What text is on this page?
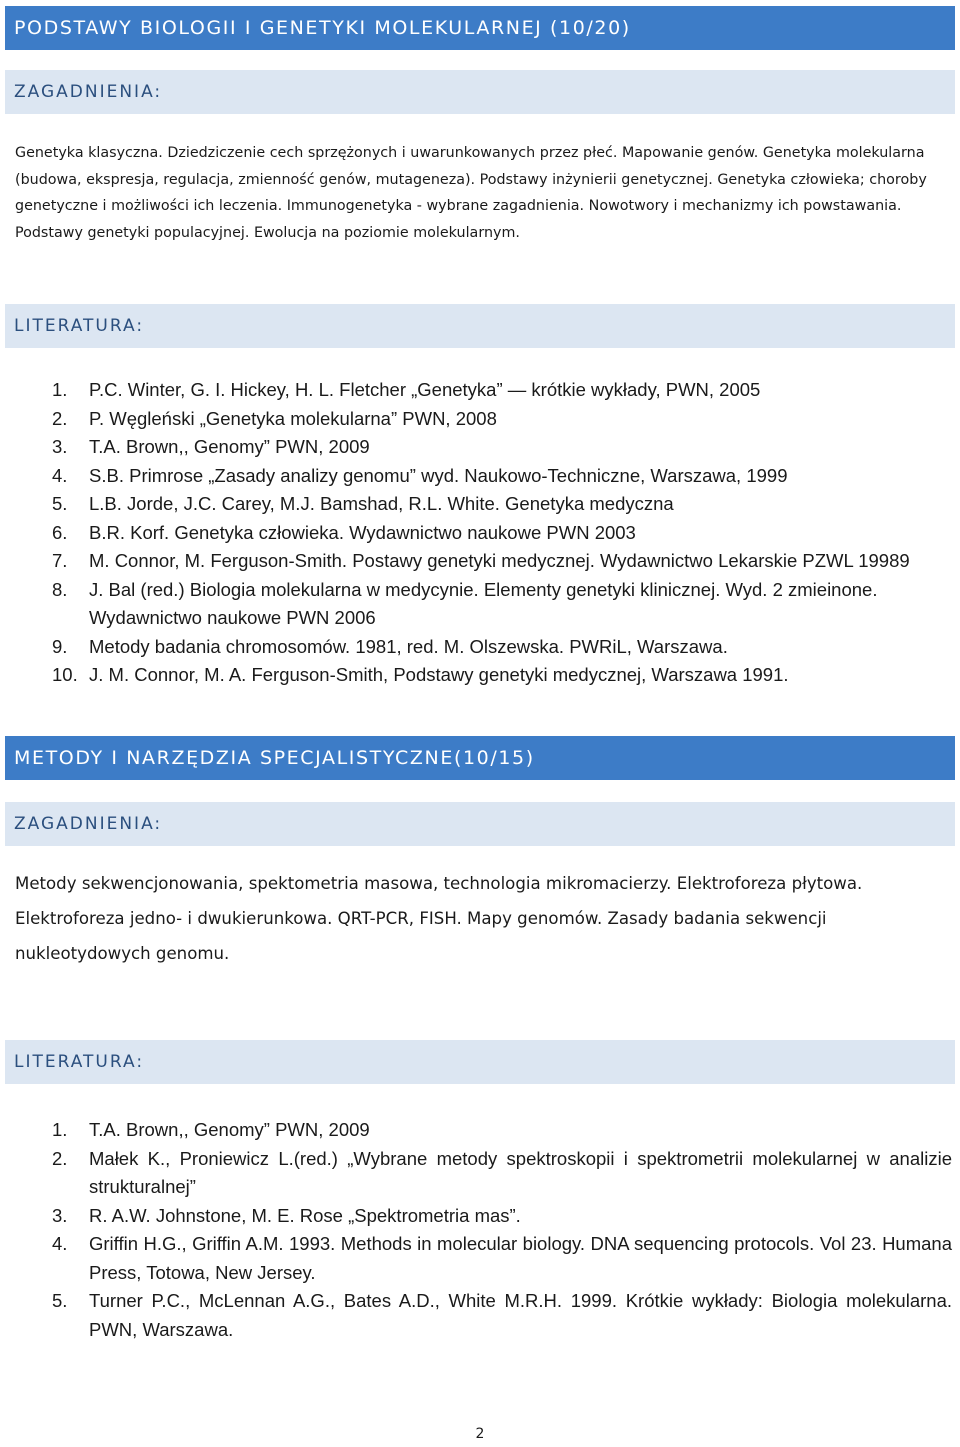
PODSTAWY BIOLOGII I GENETYKI MOLEKULARNEJ (10/20)
ZAGADNIENIA:
Genetyka klasyczna. Dziedziczenie cech sprzężonych i uwarunkowanych przez płeć. Mapowanie genów. Genetyka molekularna (budowa, ekspresja, regulacja, zmienność genów, mutageneza). Podstawy inżynierii genetycznej. Genetyka człowieka; choroby genetyczne i możliwości ich leczenia. Immunogenetyka - wybrane zagadnienia. Nowotwory i mechanizmy ich powstawania. Podstawy genetyki populacyjnej. Ewolucja na poziomie molekularnym.
LITERATURA:
1. P.C. Winter, G. I. Hickey, H. L. Fletcher „Genetyka” — krótkie wykłady, PWN, 2005
2. P. Węgleński „Genetyka molekularna” PWN, 2008
3. T.A. Brown,, Genomy” PWN, 2009
4. S.B. Primrose „Zasady analizy genomu” wyd. Naukowo-Techniczne, Warszawa, 1999
5. L.B. Jorde, J.C. Carey, M.J. Bamshad, R.L. White. Genetyka medyczna
6. B.R. Korf. Genetyka człowieka. Wydawnictwo naukowe PWN 2003
7. M. Connor, M. Ferguson-Smith. Postawy genetyki medycznej. Wydawnictwo Lekarskie PZWL 19989
8. J. Bal (red.) Biologia molekularna w medycynie. Elementy genetyki klinicznej. Wyd. 2 zmieinone. Wydawnictwo naukowe PWN 2006
9. Metody badania chromosomów. 1981, red. M. Olszewska. PWRiL, Warszawa.
10. J. M. Connor, M. A. Ferguson-Smith, Podstawy genetyki medycznej, Warszawa 1991.
METODY I NARZĘDZIA SPECJALISTYCZNE(10/15)
ZAGADNIENIA:
Metody sekwencjonowania, spektometria masowa, technologia mikromacierzy. Elektroforeza płytowa. Elektroforeza jedno- i dwukierunkowa. QRT-PCR, FISH. Mapy genomów. Zasady badania sekwencji nukleotydowych genomu.
LITERATURA:
1. T.A. Brown,, Genomy” PWN, 2009
2. Małek K., Proniewicz L.(red.) „Wybrane metody spektroskopii i spektrometrii molekularnej w analizie strukturalnej”
3. R. A.W. Johnstone, M. E. Rose „Spektrometria mas”.
4. Griffin H.G., Griffin A.M. 1993. Methods in molecular biology. DNA sequencing protocols. Vol 23. Humana Press, Totowa, New Jersey.
5. Turner P.C., McLennan A.G., Bates A.D., White M.R.H. 1999. Krótkie wykłady: Biologia molekularna. PWN, Warszawa.
2
